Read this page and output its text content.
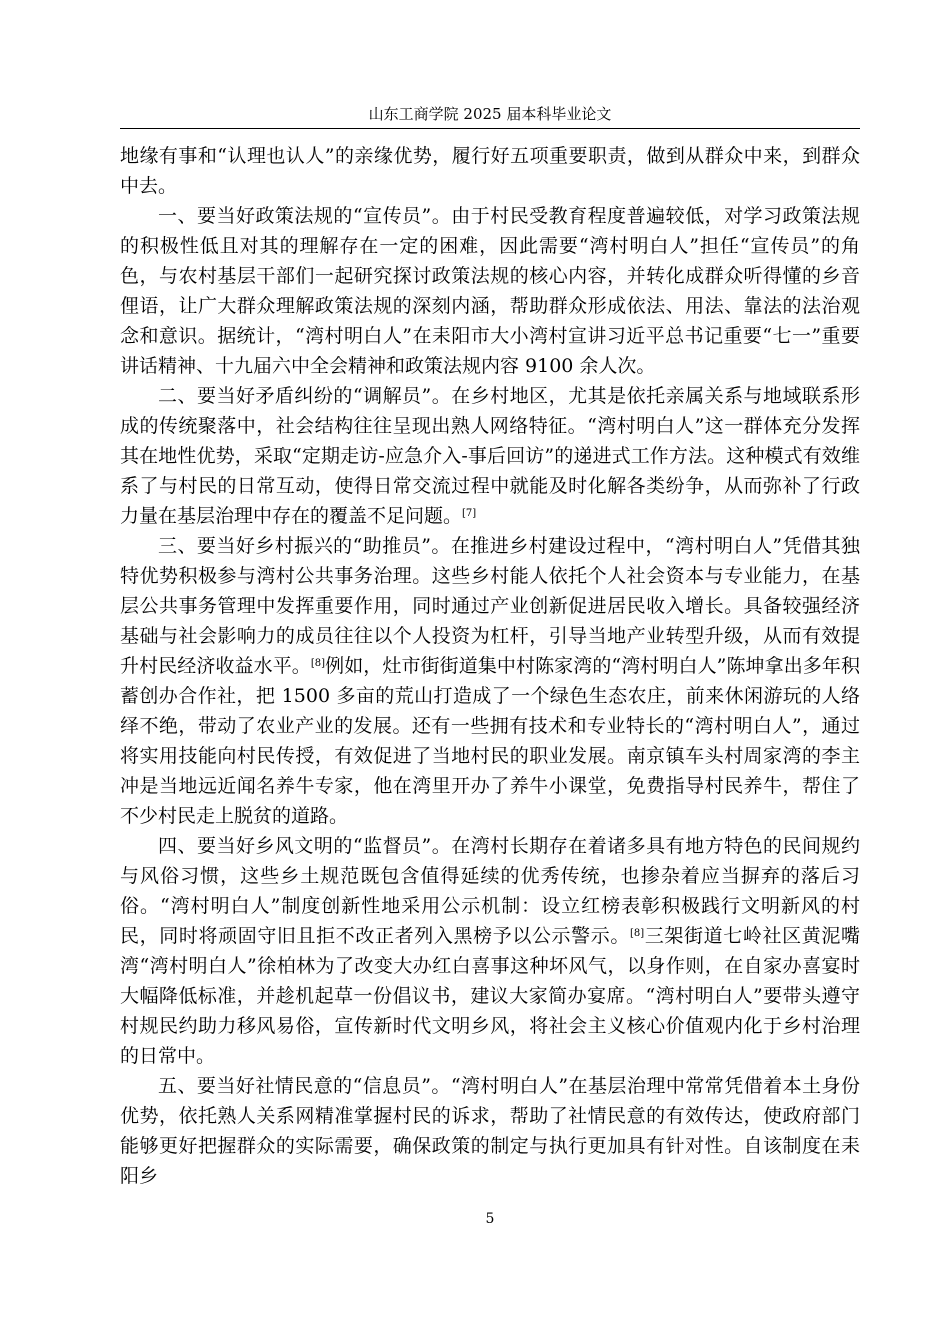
山东工商学院 2025 届本科毕业论文

地缘有事和“认理也认人”的亲缘优势，履行好五项重要职责，做到从群众中来，到群众中去。

一、要当好政策法规的“宣传员”。由于村民受教育程度普遍较低，对学习政策法规的积极性低且对其的理解存在一定的困难，因此需要“湾村明白人”担任“宣传员”的角色，与农村基层干部们一起研究探讨政策法规的核心内容，并转化成群众听得懂的乡音俚语，让广大群众理解政策法规的深刻内涵，帮助群众形成依法、用法、靠法的法治观念和意识。据统计，“湾村明白人”在耒阳市大小湾村宣讲习近平总书记重要“七一”重要讲话精神、十九届六中全会精神和政策法规内容 9100 余人次。

二、要当好矛盾纠纷的“调解员”。在乡村地区，尤其是依托亲属关系与地域联系形成的传统聚落中，社会结构往往呈现出熟人网络特征。“湾村明白人”这一群体充分发挥其在地性优势，采取“定期走访-应急介入-事后回访”的递进式工作方法。这种模式有效维系了与村民的日常互动，使得日常交流过程中就能及时化解各类纷争，从而弥补了行政力量在基层治理中存在的覆盖不足问题。[7]

三、要当好乡村振兴的“助推员”。在推进乡村建设过程中，“湾村明白人”凭借其独特优势积极参与湾村公共事务治理。这些乡村能人依托个人社会资本与专业能力，在基层公共事务管理中发挥重要作用，同时通过产业创新促进居民收入增长。具备较强经济基础与社会影响力的成员往往以个人投资为杠杆，引导当地产业转型升级，从而有效提升村民经济收益水平。[8]例如，灶市街街道集中村陈家湾的“湾村明白人”陈坤拿出多年积蓄创办合作社，把 1500 多亩的荒山打造成了一个绿色生态农庄，前来休闲游玩的人络绎不绝，带动了农业产业的发展。还有一些拥有技术和专业特长的“湾村明白人”，通过将实用技能向村民传授，有效促进了当地村民的职业发展。南京镇车头村周家湾的李主冲是当地远近闻名养牛专家，他在湾里开办了养牛小课堂，免费指导村民养牛，帮住了不少村民走上脱贫的道路。

四、要当好乡风文明的“监督员”。在湾村长期存在着诸多具有地方特色的民间规约与风俗习惯，这些乡土规范既包含值得延续的优秀传统，也掺杂着应当摒弃的落后习俗。“湾村明白人”制度创新性地采用公示机制：设立红榜表彰积极践行文明新风的村民，同时将顽固守旧且拒不改正者列入黑榜予以公示警示。[8]三架街道七岭社区黄泥嘴湾“湾村明白人”徐柏林为了改变大办红白喜事这种坏风气，以身作则，在自家办喜宴时大幅降低标准，并趁机起草一份倡议书，建议大家简办宴席。“湾村明白人”要带头遵守村规民约助力移风易俗，宣传新时代文明乡风，将社会主义核心价值观内化于乡村治理的日常中。

五、要当好社情民意的“信息员”。“湾村明白人”在基层治理中常常凭借着本土身份优势，依托熟人关系网精准掌握村民的诉求，帮助了社情民意的有效传达，使政府部门能够更好把握群众的实际需要，确保政策的制定与执行更加具有针对性。自该制度在耒阳乡

5
